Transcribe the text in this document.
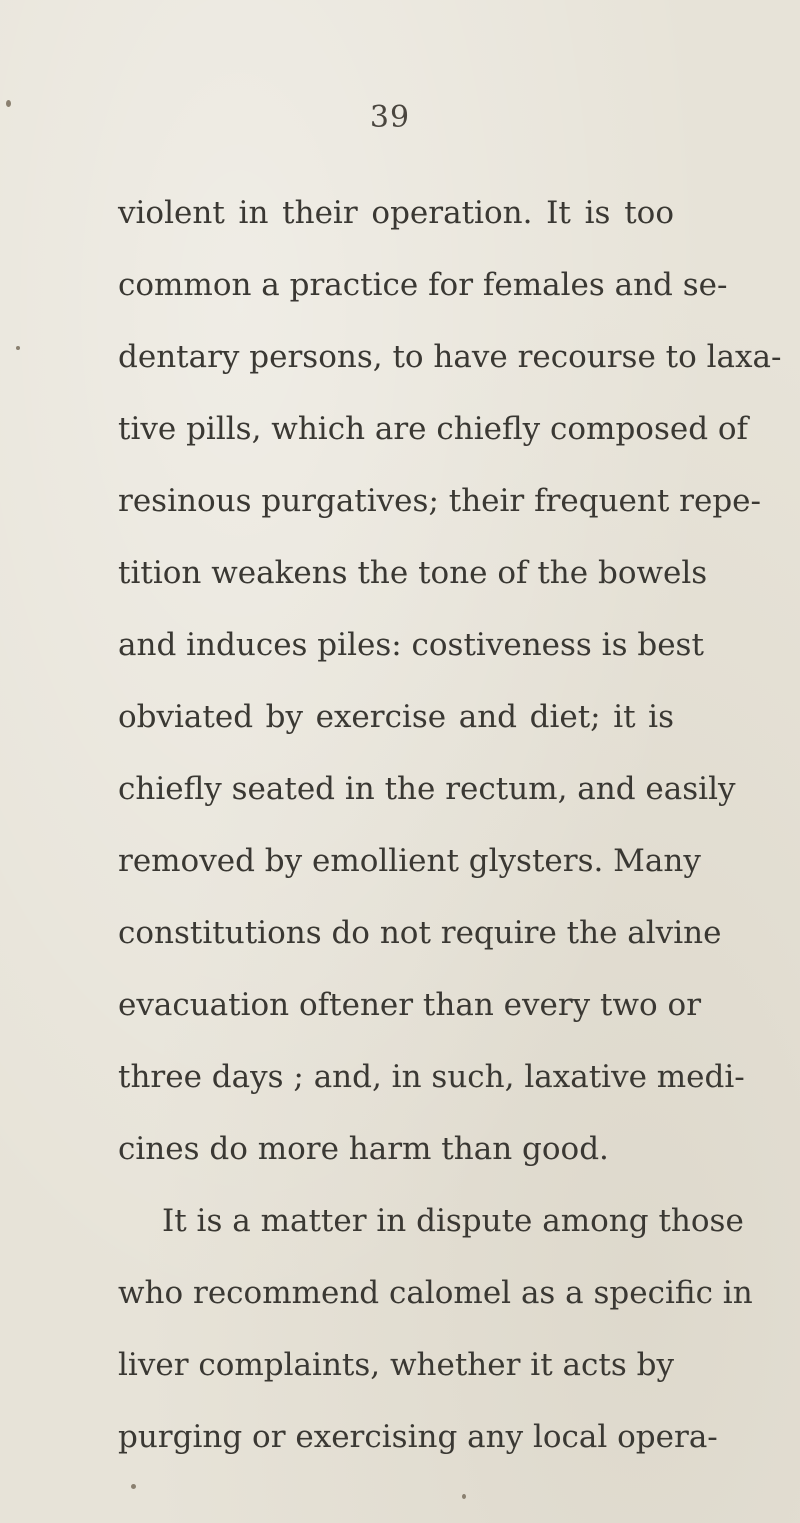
39
violent in their operation. It is too
common a practice for females and se-
dentary persons, to have recourse to laxa-
tive pills, which are chiefly composed of
resinous purgatives; their frequent repe-
tition weakens the tone of the bowels
and induces piles: costiveness is best
obviated by exercise and diet; it is
chiefly seated in the rectum, and easily
removed by emollient glysters. Many
constitutions do not require the alvine
evacuation oftener than every two or
three days ; and, in such, laxative medi-
cines do more harm than good.
It is a matter in dispute among those
who recommend calomel as a specific in
liver complaints, whether it acts by
purging or exercising any local opera-
